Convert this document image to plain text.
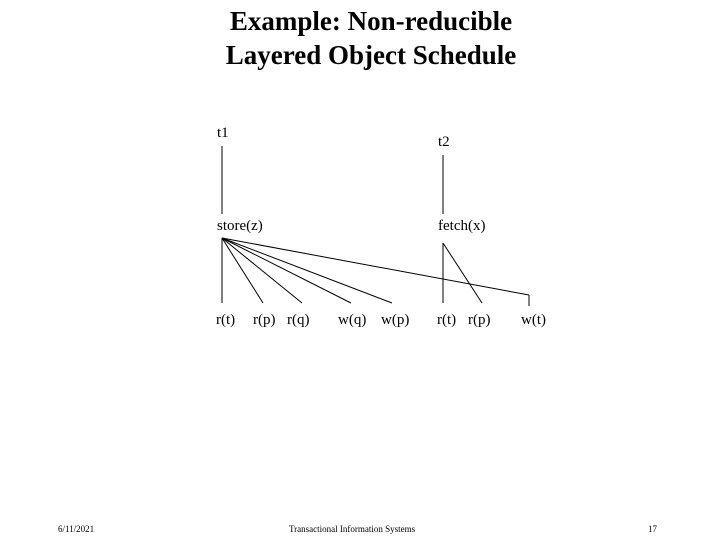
Example: Non-reducible
Layered Object Schedule
t1
t2
store(z)	fetch(x)
r(t) r(p) r(q) w(q) w(p) r(t) r(p) w(t)
6/11/2021	Transactional Information Systems	17
